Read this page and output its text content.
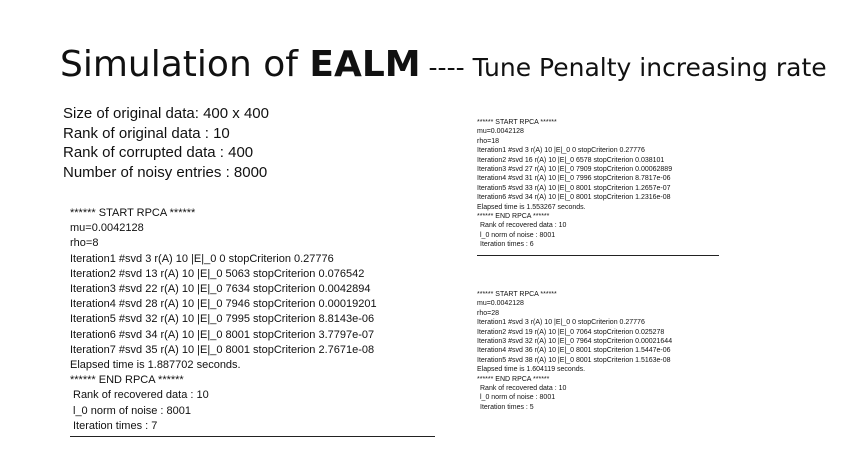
Simulation of EALM ---- Tune Penalty increasing rate
Size of original data: 400 x 400
Rank of original data : 10
Rank of corrupted data : 400
Number of noisy entries : 8000
****** START RPCA ******
mu=0.0042128
rho=8
Iteration1 #svd 3 r(A) 10 |E|_0 0 stopCriterion 0.27776
Iteration2 #svd 13 r(A) 10 |E|_0 5063 stopCriterion 0.076542
Iteration3 #svd 22 r(A) 10 |E|_0 7634 stopCriterion 0.0042894
Iteration4 #svd 28 r(A) 10 |E|_0 7946 stopCriterion 0.00019201
Iteration5 #svd 32 r(A) 10 |E|_0 7995 stopCriterion 8.8143e-06
Iteration6 #svd 34 r(A) 10 |E|_0 8001 stopCriterion 3.7797e-07
Iteration7 #svd 35 r(A) 10 |E|_0 8001 stopCriterion 2.7671e-08
Elapsed time is 1.887702 seconds.
****** END RPCA ******
Rank of recovered data : 10
l_0 norm of noise : 8001
Iteration times : 7
****** START RPCA ******
mu=0.0042128
rho=18
Iteration1 #svd 3 r(A) 10 |E|_0 0 stopCriterion 0.27776
Iteration2 #svd 16 r(A) 10 |E|_0 6578 stopCriterion 0.038101
Iteration3 #svd 27 r(A) 10 |E|_0 7909 stopCriterion 0.00062889
Iteration4 #svd 31 r(A) 10 |E|_0 7996 stopCriterion 8.7817e-06
Iteration5 #svd 33 r(A) 10 |E|_0 8001 stopCriterion 1.2657e-07
Iteration6 #svd 34 r(A) 10 |E|_0 8001 stopCriterion 1.2316e-08
Elapsed time is 1.553267 seconds.
****** END RPCA ******
Rank of recovered data : 10
l_0 norm of noise : 8001
Iteration times : 6
****** START RPCA ******
mu=0.0042128
rho=28
Iteration1 #svd 3 r(A) 10 |E|_0 0 stopCriterion 0.27776
Iteration2 #svd 19 r(A) 10 |E|_0 7064 stopCriterion 0.025278
Iteration3 #svd 32 r(A) 10 |E|_0 7964 stopCriterion 0.00021644
Iteration4 #svd 36 r(A) 10 |E|_0 8001 stopCriterion 1.5447e-06
Iteration5 #svd 38 r(A) 10 |E|_0 8001 stopCriterion 1.5163e-08
Elapsed time is 1.604119 seconds.
****** END RPCA ******
Rank of recovered data : 10
l_0 norm of noise : 8001
Iteration times : 5
